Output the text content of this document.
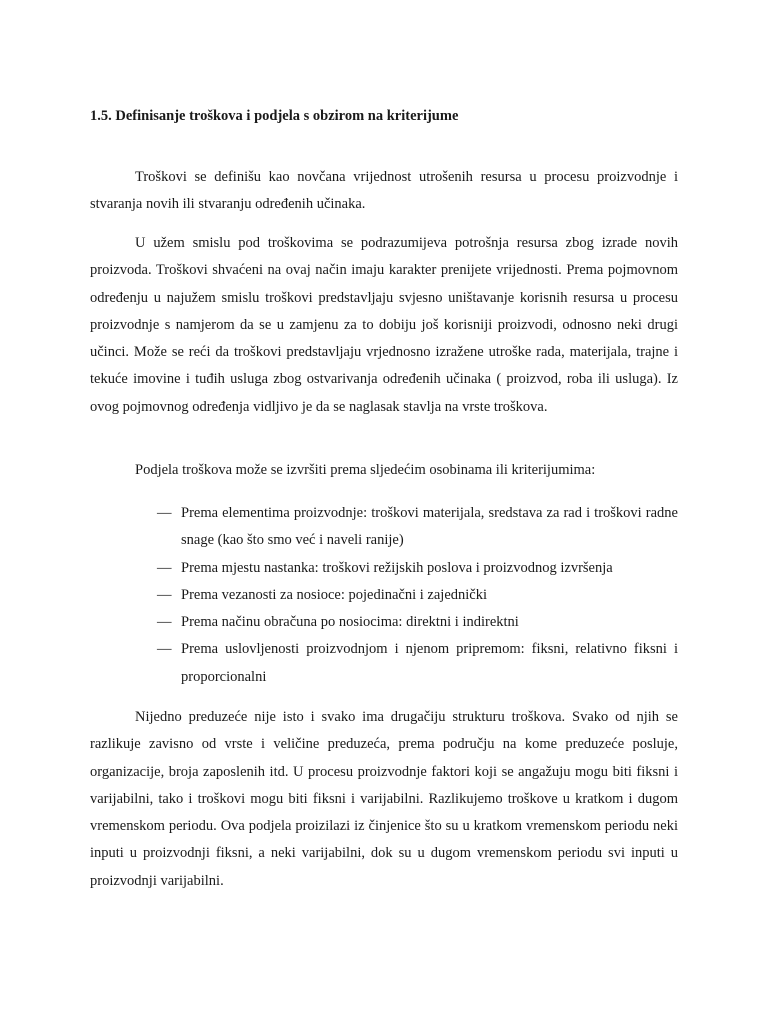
1.5. Definisanje troškova i podjela s obzirom na kriterijume

Troškovi se definišu kao novčana vrijednost utrošenih resursa u procesu proizvodnje i stvaranja novih ili stvaranju određenih učinaka.

U užem smislu pod troškovima se podrazumijeva potrošnja resursa zbog izrade novih proizvoda. Troškovi shvaćeni na ovaj način imaju karakter prenijete vrijednosti. Prema pojmovnom određenju u najužem smislu troškovi predstavljaju svjesno uništavanje korisnih resursa u procesu proizvodnje s namjerom da se u zamjenu za to dobiju još korisniji proizvodi, odnosno neki drugi učinci. Može se reći da troškovi predstavljaju vrjednosno izražene utroške rada, materijala, trajne i tekuće imovine i tuđih usluga zbog ostvarivanja određenih učinaka ( proizvod, roba ili usluga). Iz ovog pojmovnog određenja vidljivo je da se naglasak stavlja na vrste troškova.

Podjela troškova može se izvršiti prema sljedećim osobinama ili kriterijumima:

— Prema elementima proizvodnje: troškovi materijala, sredstava za rad i troškovi radne snage (kao što smo već i naveli ranije)
— Prema mjestu nastanka: troškovi režijskih poslova i proizvodnog izvršenja
— Prema vezanosti za nosioce: pojedinačni i zajednički
— Prema načinu obračuna po nosiocima: direktni i indirektni
— Prema uslovljenosti proizvodnjom i njenom pripremom: fiksni, relativno fiksni i proporcionalni

Nijedno preduzeće nije isto i svako ima drugačiju strukturu troškova. Svako od njih se razlikuje zavisno od vrste i veličine preduzeća, prema području na kome preduzeće posluje, organizacije, broja zaposlenih itd. U procesu proizvodnje faktori koji se angažuju mogu biti fiksni i varijabilni, tako i troškovi mogu biti fiksni i varijabilni. Razlikujemo troškove u kratkom i dugom vremenskom periodu. Ova podjela proizilazi iz činjenice što su u kratkom vremenskom periodu neki inputi u proizvodnji fiksni, a neki varijabilni, dok su u dugom vremenskom periodu svi inputi u proizvodnji varijabilni.
